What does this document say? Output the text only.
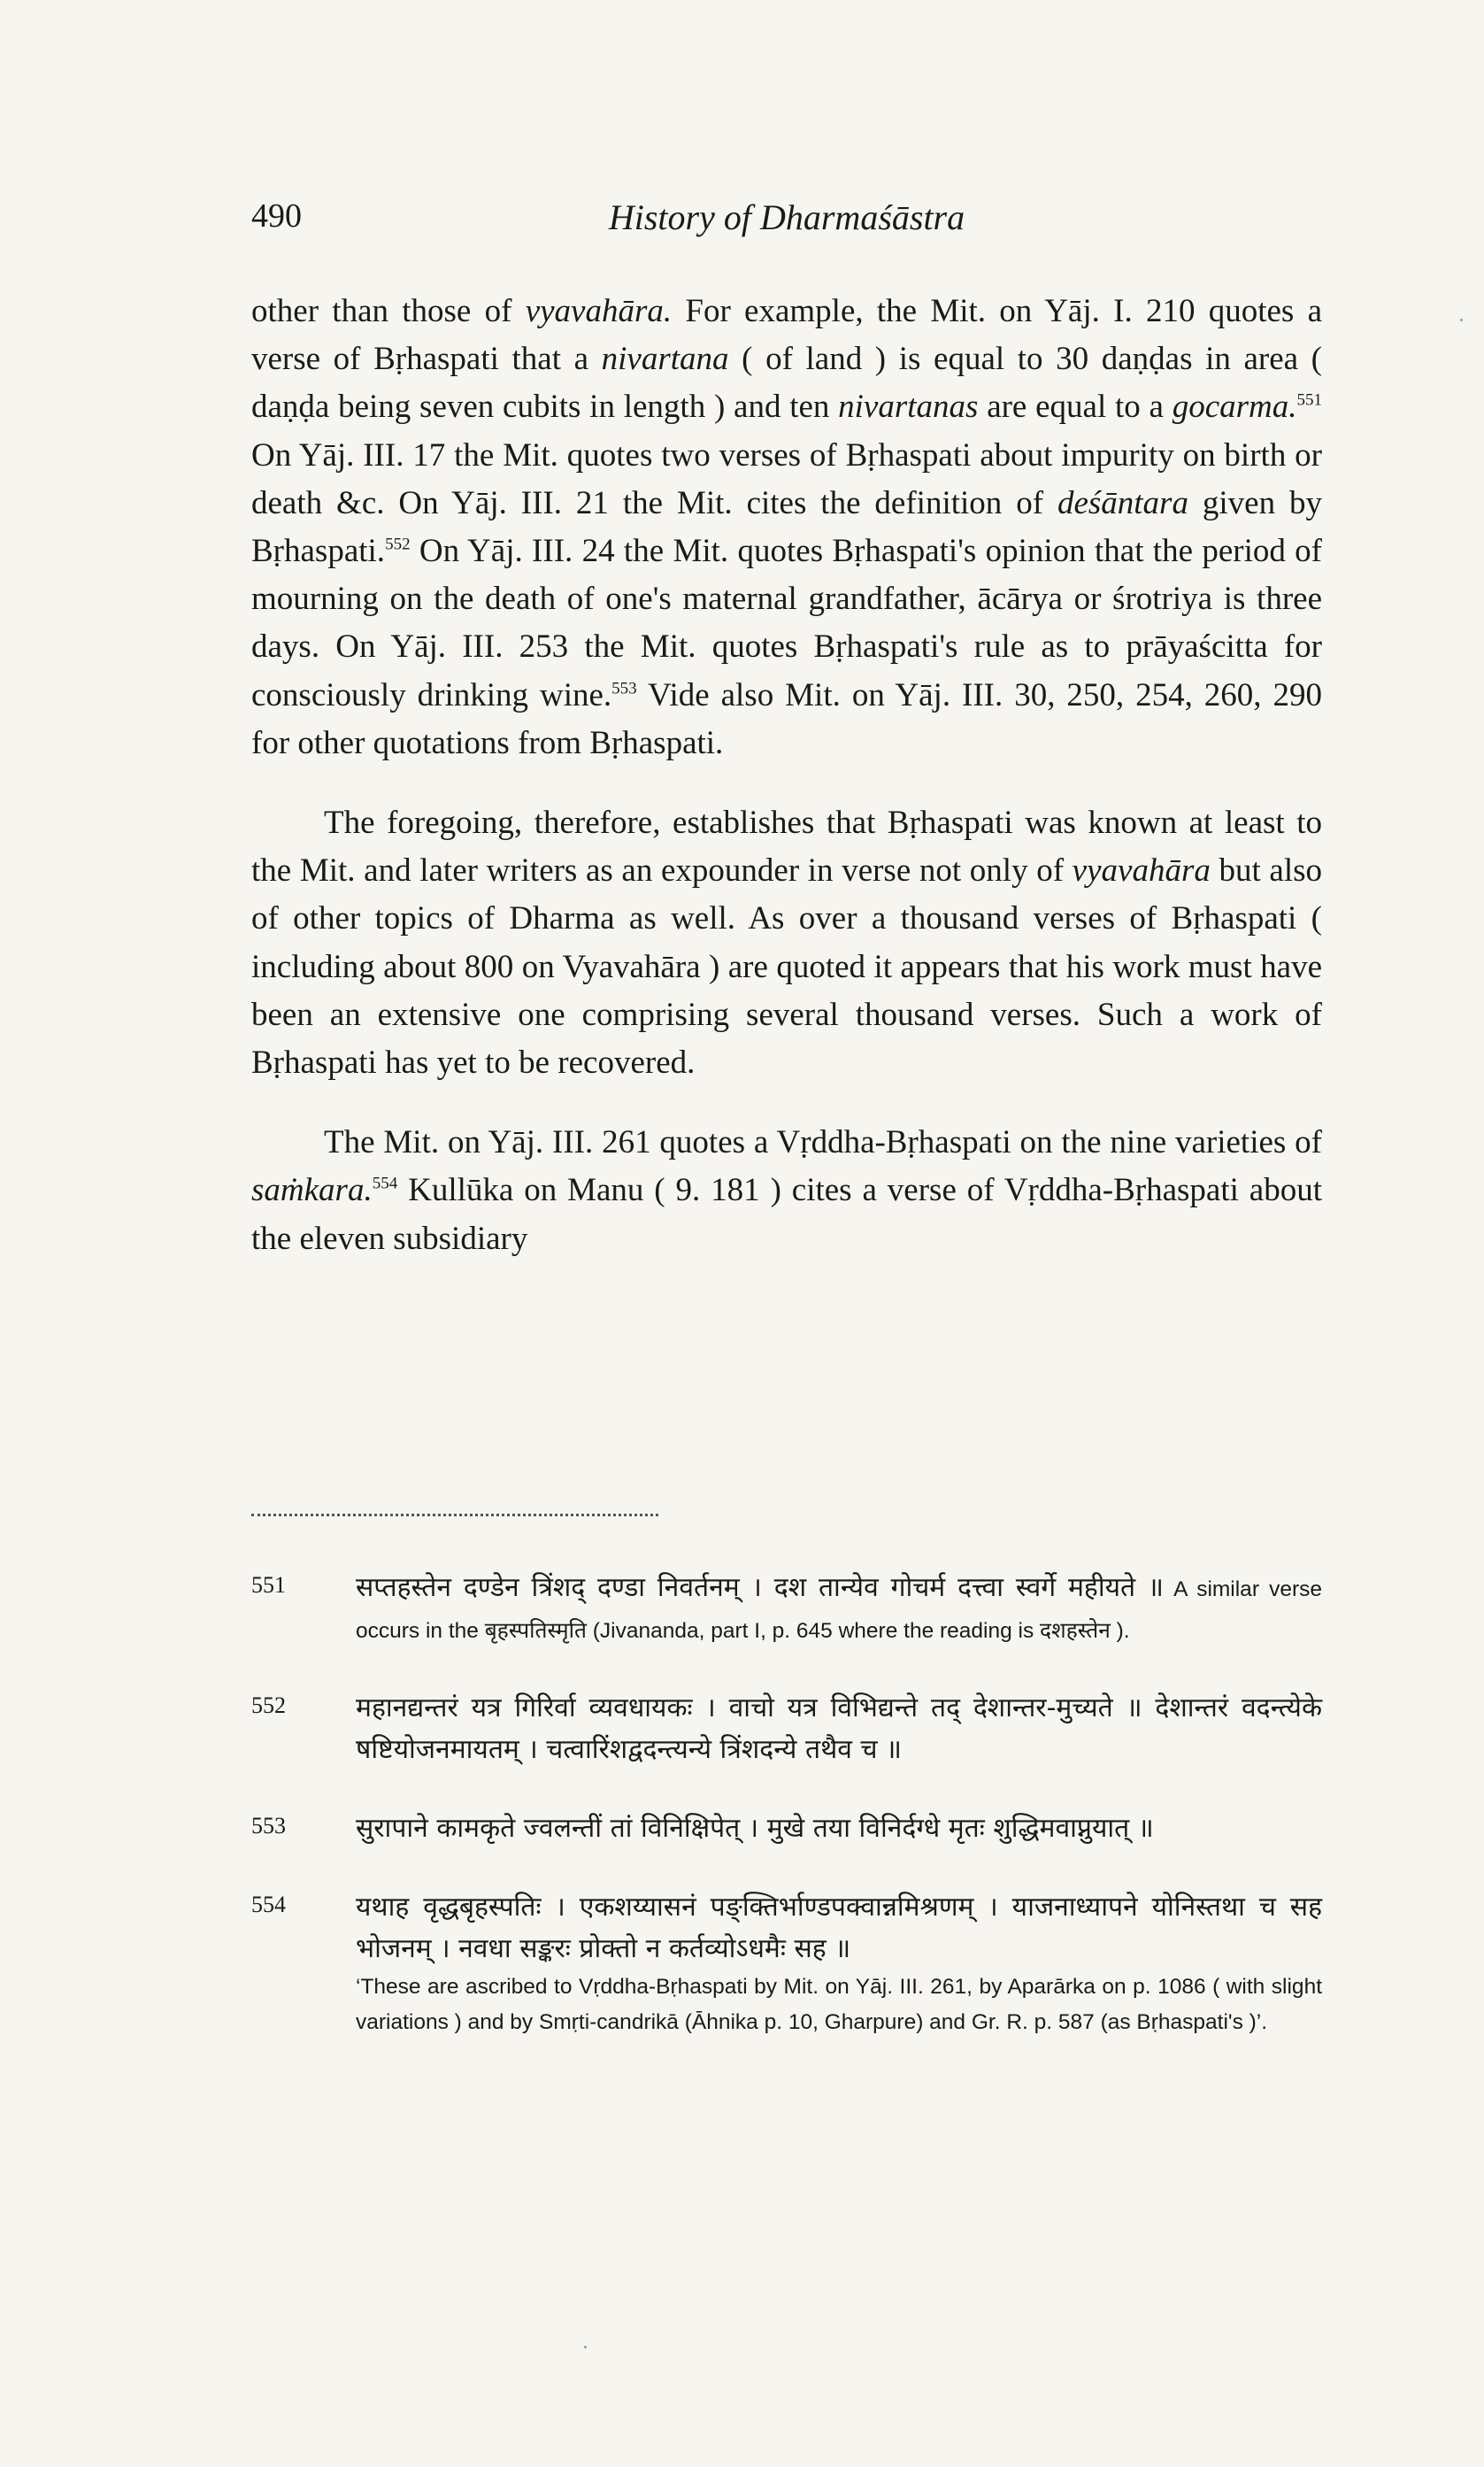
490	History of Dharmaśāstra

other than those of vyavahāra. For example, the Mit. on Yāj. I. 210 quotes a verse of Bṛhaspati that a nivartana ( of land ) is equal to 30 daṇḍas in area ( daṇḍa being seven cubits in length ) and ten nivartanas are equal to a gocarma.$^{551}$ On Yāj. III. 17 the Mit. quotes two verses of Bṛhaspati about impurity on birth or death &c. On Yāj. III. 21 the Mit. cites the definition of deśāntara given by Bṛhaspati.$^{552}$ On Yāj. III. 24 the Mit. quotes Bṛhaspati's opinion that the period of mourning on the death of one's maternal grandfather, ācārya or śrotriya is three days. On Yāj. III. 253 the Mit. quotes Bṛhaspati's rule as to prāyaścitta for consciously drinking wine.$^{553}$ Vide also Mit. on Yāj. III. 30, 250, 254, 260, 290 for other quotations from Bṛhaspati.

The foregoing, therefore, establishes that Bṛhaspati was known at least to the Mit. and later writers as an expounder in verse not only of vyavahāra but also of other topics of Dharma as well. As over a thousand verses of Bṛhaspati ( including about 800 on Vyavahāra ) are quoted it appears that his work must have been an extensive one comprising several thousand verses. Such a work of Bṛhaspati has yet to be recovered.

The Mit. on Yāj. III. 261 quotes a Vṛddha-Bṛhaspati on the nine varieties of saṁkara.$^{554}$ Kullūka on Manu ( 9. 181 ) cites a verse of Vṛddha-Bṛhaspati about the eleven subsidiary

551	सप्तहस्तेन दण्डेन त्रिंशद् दण्डा निवर्तनम् । दश तान्येव गोचर्म दत्त्वा स्वर्गे महीयते ॥ A similar verse occurs in the बृहस्पतिस्मृति (Jivananda, part I, p. 645 where the reading is दशहस्तेन ).

552	महानद्यन्तरं यत्र गिरिर्वा व्यवधायकः । वाचो यत्र विभिद्यन्ते तद् देशान्तर-मुच्यते ॥ देशान्तरं वदन्त्येके षष्टियोजनमायतम् । चत्वारिंशद्वदन्त्यन्ये त्रिंशदन्ये तथैव च ॥

553	सुरापाने कामकृते ज्वलन्तीं तां विनिक्षिपेत् । मुखे तया विनिर्दग्धे मृतः शुद्धिमवाप्नुयात् ॥

554	यथाह वृद्धबृहस्पतिः । एकशय्यासनं पङ्क्तिर्भाण्डपक्वान्नमिश्रणम् । याजनाध्यापने योनिस्तथा च सह भोजनम् । नवधा सङ्करः प्रोक्तो न कर्तव्योऽधमैः सह ॥

‘These are ascribed to Vṛddha-Bṛhaspati by Mit. on Yāj. III. 261, by Aparārka on p. 1086 ( with slight variations ) and by Smṛti-candrikā (Āhnika p. 10, Gharpure) and Gr. R. p. 587 (as Bṛhaspati's )’.
